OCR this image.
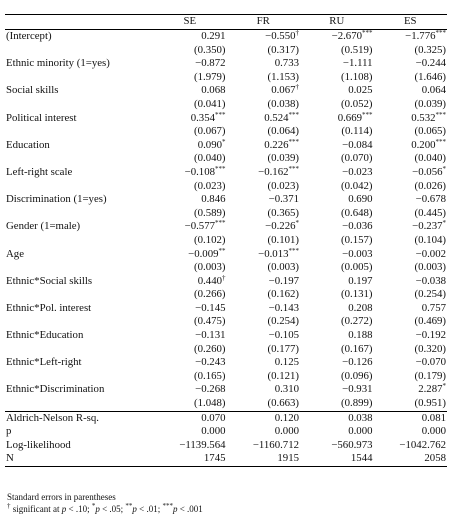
	SE	FR	RU	ES
(Intercept)	0.291	−0.550†	−2.670***	−1.776***
	(0.350)	(0.317)	(0.519)	(0.325)
Ethnic minority (1=yes)	−0.872	0.733	−1.111	−0.244
	(1.979)	(1.153)	(1.108)	(1.646)
Social skills	0.068	0.067†	0.025	0.064
	(0.041)	(0.038)	(0.052)	(0.039)
Political interest	0.354***	0.524***	0.669***	0.532***
	(0.067)	(0.064)	(0.114)	(0.065)
Education	0.090*	0.226***	−0.084	0.200***
	(0.040)	(0.039)	(0.070)	(0.040)
Left-right scale	−0.108***	−0.162***	−0.023	−0.056*
	(0.023)	(0.023)	(0.042)	(0.026)
Discrimination (1=yes)	0.846	−0.371	0.690	−0.678
	(0.589)	(0.365)	(0.648)	(0.445)
Gender (1=male)	−0.577***	−0.226*	−0.036	−0.237*
	(0.102)	(0.101)	(0.157)	(0.104)
Age	−0.009**	−0.013***	−0.003	−0.002
	(0.003)	(0.003)	(0.005)	(0.003)
Ethnic*Social skills	0.440†	−0.197	0.197	−0.038
	(0.266)	(0.162)	(0.131)	(0.254)
Ethnic*Pol. interest	−0.145	−0.143	0.208	0.757
	(0.475)	(0.254)	(0.272)	(0.469)
Ethnic*Education	−0.131	−0.105	0.188	−0.192
	(0.260)	(0.177)	(0.167)	(0.320)
Ethnic*Left-right	−0.243	0.125	−0.126	−0.070
	(0.165)	(0.121)	(0.096)	(0.179)
Ethnic*Discrimination	−0.268	0.310	−0.931	2.287*
	(1.048)	(0.663)	(0.899)	(0.951)
Aldrich-Nelson R-sq.	0.070	0.120	0.038	0.081
p	0.000	0.000	0.000	0.000
Log-likelihood	−1139.564	−1160.712	−560.973	−1042.762
N	1745	1915	1544	2058
Standard errors in parentheses
† significant at p < .10; *p < .05; **p < .01; ***p < .001
